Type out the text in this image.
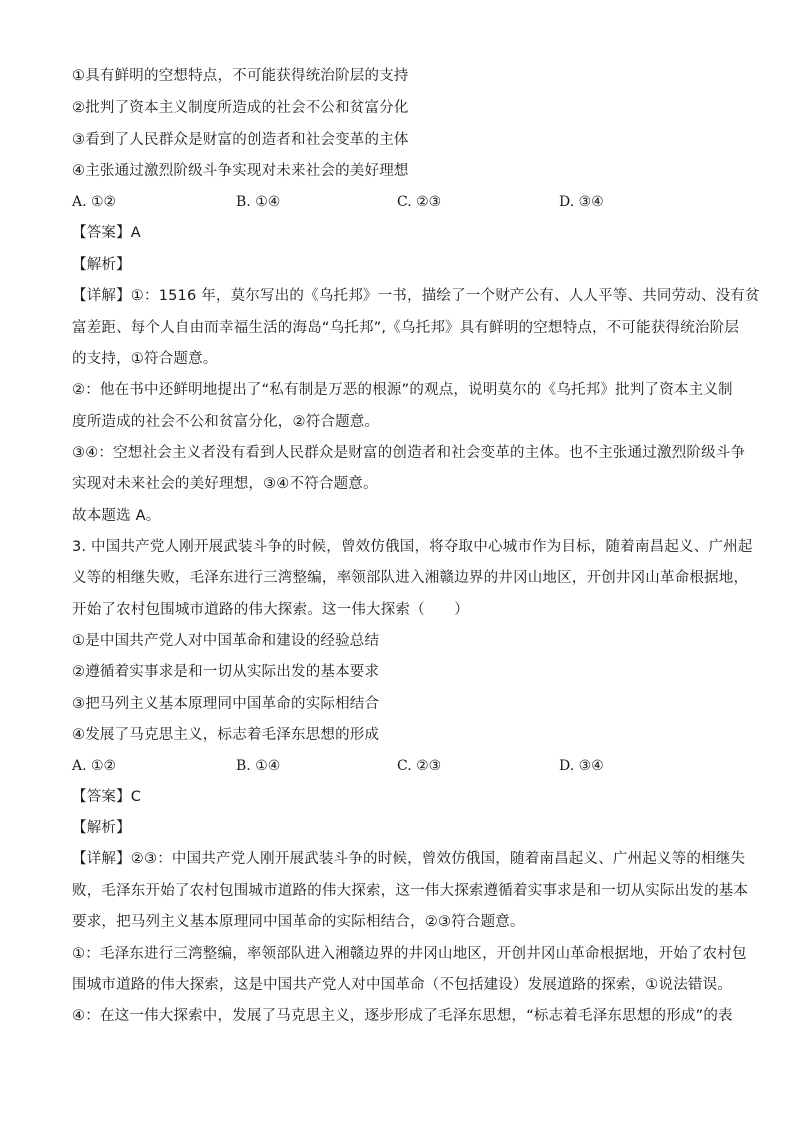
①具有鲜明的空想特点，不可能获得统治阶层的支持
②批判了资本主义制度所造成的社会不公和贫富分化
③看到了人民群众是财富的创造者和社会变革的主体
④主张通过激烈阶级斗争实现对未来社会的美好理想
A. ①②	B. ①④	C. ②③	D. ③④
【答案】A
【解析】
【详解】①：1516 年，莫尔写出的《乌托邦》一书，描绘了一个财产公有、人人平等、共同劳动、没有贫
富差距、每个人自由而幸福生活的海岛“乌托邦”,《乌托邦》具有鲜明的空想特点，不可能获得统治阶层
的支持，①符合题意。
②：他在书中还鲜明地提出了“私有制是万恶的根源”的观点，说明莫尔的《乌托邦》批判了资本主义制
度所造成的社会不公和贫富分化，②符合题意。
③④：空想社会主义者没有看到人民群众是财富的创造者和社会变革的主体。也不主张通过激烈阶级斗争
实现对未来社会的美好理想，③④不符合题意。
故本题选 A。
3. 中国共产党人刚开展武装斗争的时候，曾效仿俄国，将夺取中心城市作为目标，随着南昌起义、广州起
义等的相继失败，毛泽东进行三湾整编，率领部队进入湘赣边界的井冈山地区，开创井冈山革命根据地，
开始了农村包围城市道路的伟大探索。这一伟大探索（　　）
①是中国共产党人对中国革命和建设的经验总结
②遵循着实事求是和一切从实际出发的基本要求
③把马列主义基本原理同中国革命的实际相结合
④发展了马克思主义，标志着毛泽东思想的形成
A. ①②	B. ①④	C. ②③	D. ③④
【答案】C
【解析】
【详解】②③：中国共产党人刚开展武装斗争的时候，曾效仿俄国，随着南昌起义、广州起义等的相继失
败，毛泽东开始了农村包围城市道路的伟大探索，这一伟大探索遵循着实事求是和一切从实际出发的基本
要求，把马列主义基本原理同中国革命的实际相结合，②③符合题意。
①：毛泽东进行三湾整编，率领部队进入湘赣边界的井冈山地区，开创井冈山革命根据地，开始了农村包
围城市道路的伟大探索，这是中国共产党人对中国革命（不包括建设）发展道路的探索，①说法错误。
④：在这一伟大探索中，发展了马克思主义，逐步形成了毛泽东思想，“标志着毛泽东思想的形成”的表
